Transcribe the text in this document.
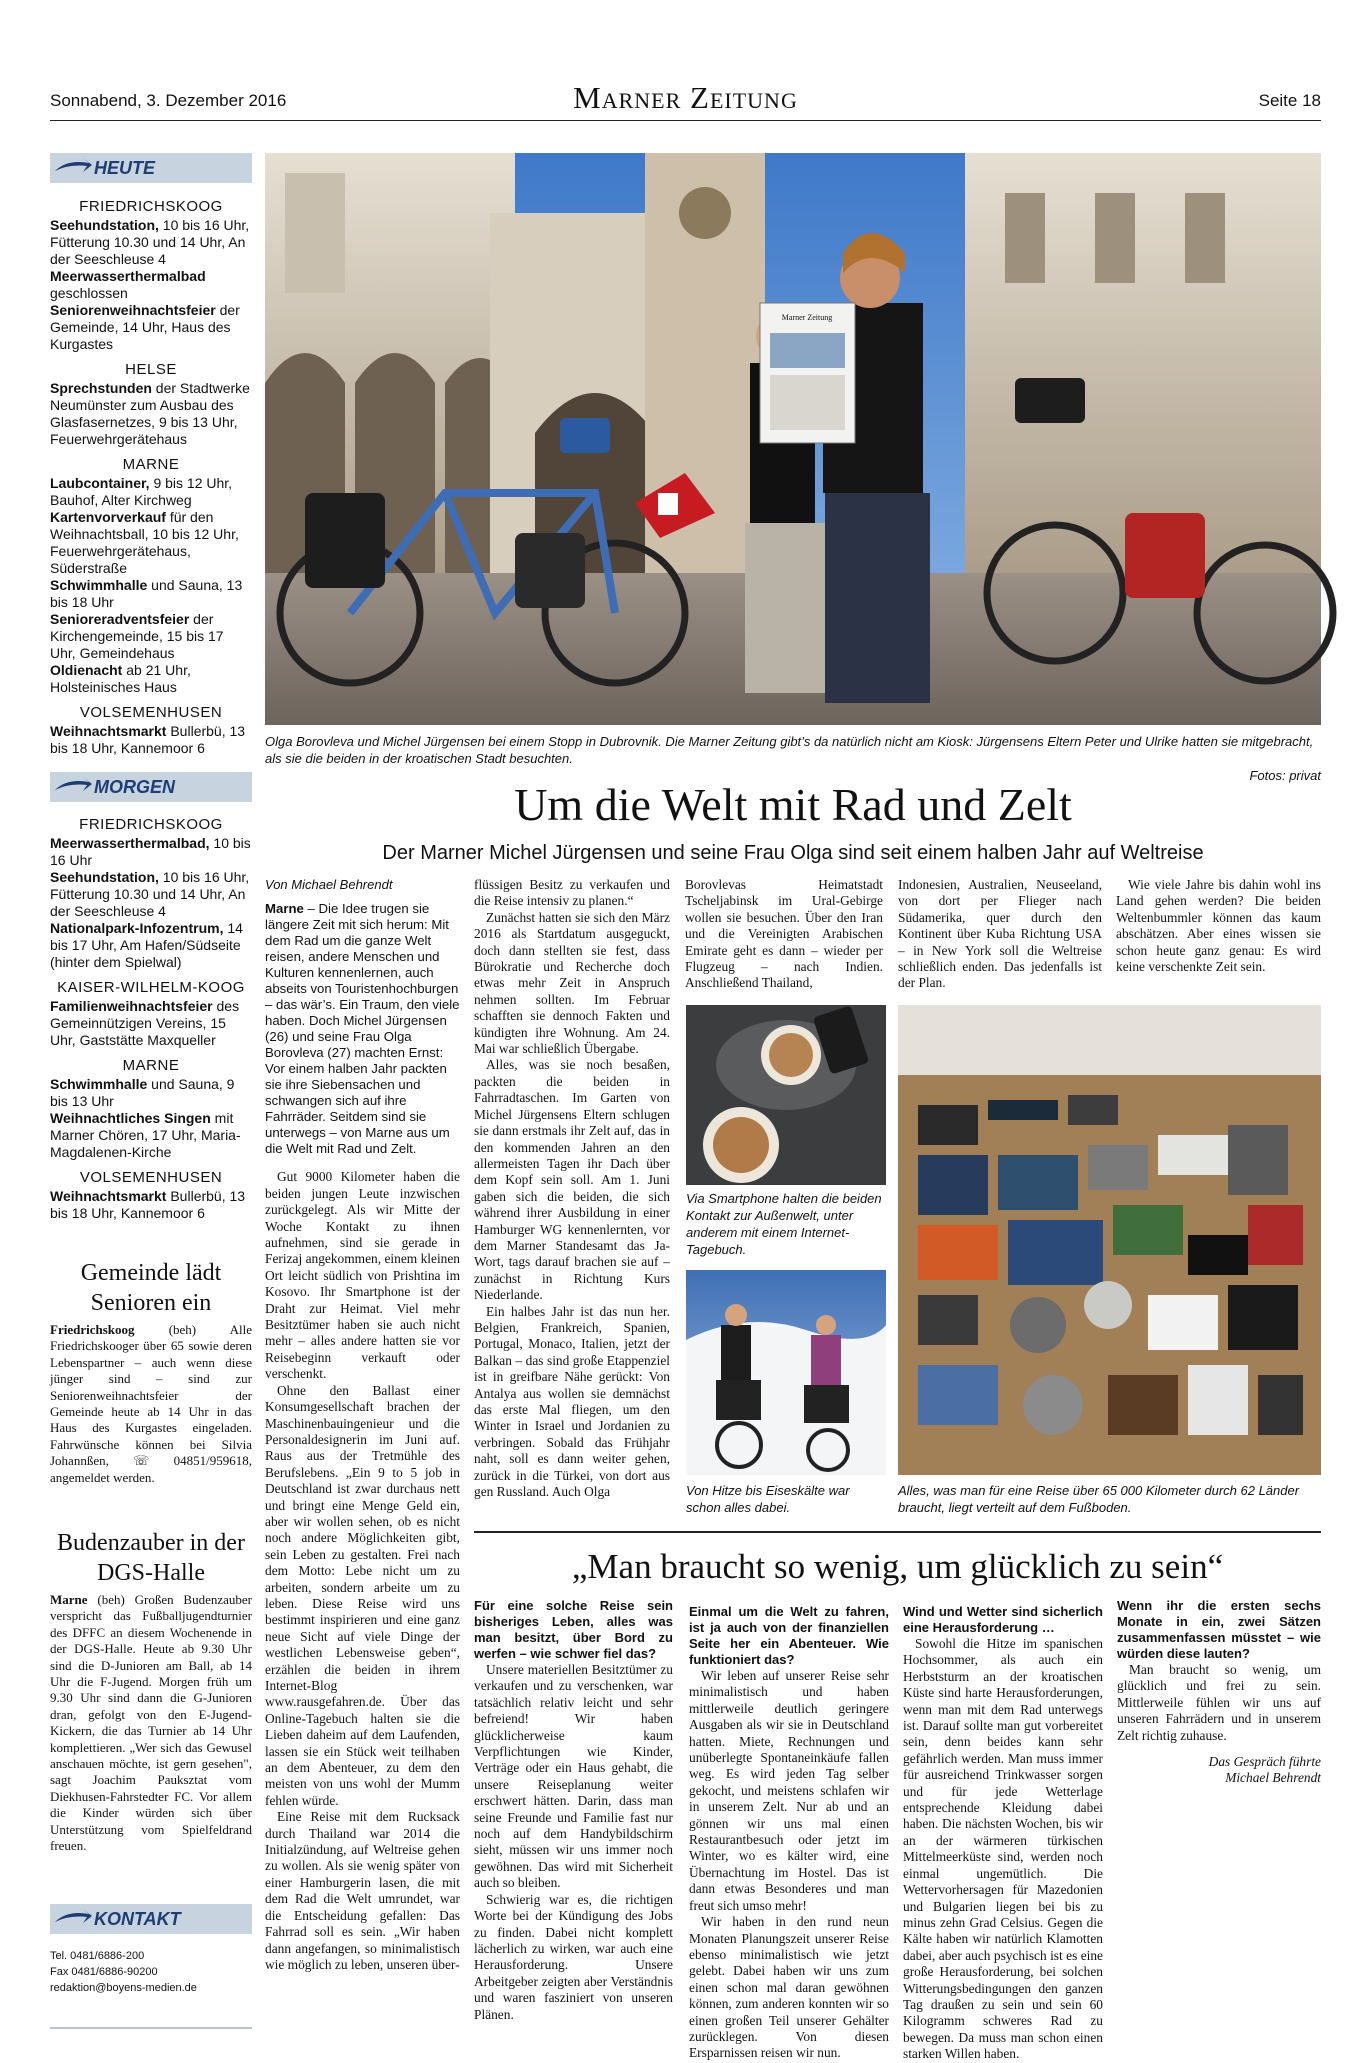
Sonnabend, 3. Dezember 2016	Marner Zeitung	Seite 18
HEUTE
FRIEDRICHSKOOG

Seehundstation, 10 bis 16 Uhr, Fütterung 10.30 und 14 Uhr, An der Seeschleuse 4

Meerwasserthermalbad geschlossen

Seniorenweihnachtsfeier der Gemeinde, 14 Uhr, Haus des Kurgastes

HELSE

Sprechstunden der Stadtwerke Neumünster zum Ausbau des Glasfasernetzes, 9 bis 13 Uhr, Feuerwehrgerätehaus

MARNE

Laubcontainer, 9 bis 12 Uhr, Bauhof, Alter Kirchweg

Kartenvorverkauf für den Weihnachtsball, 10 bis 12 Uhr, Feuerwehrgerätehaus, Süderstraße

Schwimmhalle und Sauna, 13 bis 18 Uhr

Senioreradventsfeier der Kirchengemeinde, 15 bis 17 Uhr, Gemeindehaus

Oldienacht ab 21 Uhr, Holsteinisches Haus

VOLSEMENHUSEN

Weihnachtsmarkt Bullerbü, 13 bis 18 Uhr, Kannemoor 6

MORGEN
FRIEDRICHSKOOG

Meerwasserthermalbad, 10 bis 16 Uhr

Seehundstation, 10 bis 16 Uhr, Fütterung 10.30 und 14 Uhr, An der Seeschleuse 4

Nationalpark-Infozentrum, 14 bis 17 Uhr, Am Hafen/Südseite (hinter dem Spielwal)

KAISER-WILHELM-KOOG

Familienweihnachtsfeier des Gemeinnützigen Vereins, 15 Uhr, Gaststätte Maxqueller

MARNE

Schwimmhalle und Sauna, 9 bis 13 Uhr

Weihnachtliches Singen mit Marner Chören, 17 Uhr, Maria-Magdalenen-Kirche

VOLSEMENHUSEN

Weihnachtsmarkt Bullerbü, 13 bis 18 Uhr, Kannemoor 6

Gemeinde lädt Senioren ein
Friedrichskoog (beh) Alle Friedrichskooger über 65 sowie deren Lebenspartner – auch wenn diese jünger sind – sind zur Seniorenweihnachtsfeier der Gemeinde heute ab 14 Uhr in das Haus des Kurgastes eingeladen. Fahrwünsche können bei Silvia Johannßen, ☏ 04851/959618, angemeldet werden.
Budenzauber in der DGS-Halle
Marne (beh) Großen Budenzauber verspricht das Fußballjugendturnier des DFFC an diesem Wochenende in der DGS-Halle. Heute ab 9.30 Uhr sind die D-Junioren am Ball, ab 14 Uhr die F-Jugend. Morgen früh um 9.30 Uhr sind dann die G-Junioren dran, gefolgt von den E-Jugend-Kickern, die das Turnier ab 14 Uhr komplettieren. „Wer sich das Gewusel anschauen möchte, ist gern gesehen", sagt Joachim Pauksztat vom Diekhusen-Fahrstedter FC. Vor allem die Kinder würden sich über Unterstützung vom Spielfeldrand freuen.
KONTAKT
Tel. 0481/6886-200
Fax 0481/6886-90200
redaktion@boyens-medien.de
Marner Zeitung
Olga Borovleva und Michel Jürgensen bei einem Stopp in Dubrovnik. Die Marner Zeitung gibt’s da natürlich nicht am Kiosk: Jürgensens Eltern Peter und Ulrike hatten sie mitgebracht, als sie die beiden in der kroatischen Stadt besuchten.
Fotos: privat
Um die Welt mit Rad und Zelt
Der Marner Michel Jürgensen und seine Frau Olga sind seit einem halben Jahr auf Weltreise

Von Michael Behrendt

Marne – Die Idee trugen sie längere Zeit mit sich herum: Mit dem Rad um die ganze Welt reisen, andere Menschen und Kulturen kennenlernen, auch abseits von Touristenhochburgen – das wär’s. Ein Traum, den viele haben. Doch Michel Jürgensen (26) und seine Frau Olga Borovleva (27) machten Ernst: Vor einem halben Jahr packten sie ihre Siebensachen und schwangen sich auf ihre Fahrräder. Seitdem sind sie unterwegs – von Marne aus um die Welt mit Rad und Zelt.

Gut 9000 Kilometer haben die beiden jungen Leute inzwischen zurückgelegt. Als wir Mitte der Woche Kontakt zu ihnen aufnehmen, sind sie gerade in Ferizaj angekommen, einem kleinen Ort leicht südlich von Prishtina im Kosovo. Ihr Smartphone ist der Draht zur Heimat. Viel mehr Besitztümer haben sie auch nicht mehr – alles andere hatten sie vor Reisebeginn verkauft oder verschenkt.

Ohne den Ballast einer Konsumgesellschaft brachen der Maschinenbauingenieur und die Personaldesignerin im Juni auf. Raus aus der Tretmühle des Berufslebens. „Ein 9 to 5 job in Deutschland ist zwar durchaus nett und bringt eine Menge Geld ein, aber wir wollen sehen, ob es nicht noch andere Möglichkeiten gibt, sein Leben zu gestalten. Frei nach dem Motto: Lebe nicht um zu arbeiten, sondern arbeite um zu leben. Diese Reise wird uns bestimmt inspirieren und eine ganz neue Sicht auf viele Dinge der westlichen Lebensweise geben“, erzählen die beiden in ihrem Internet-Blog www.rausgefahren.de. Über das Online-Tagebuch halten sie die Lieben daheim auf dem Laufenden, lassen sie ein Stück weit teilhaben an dem Abenteuer, zu dem den meisten von uns wohl der Mumm fehlen würde.

Eine Reise mit dem Rucksack durch Thailand war 2014 die Initialzündung, auf Weltreise gehen zu wollen. Als sie wenig später von einer Hamburgerin lasen, die mit dem Rad die Welt umrundet, war die Entscheidung gefallen: Das Fahrrad soll es sein. „Wir haben dann angefangen, so minimalistisch wie möglich zu leben, unseren über-

flüssigen Besitz zu verkaufen und die Reise intensiv zu planen.“

Zunächst hatten sie sich den März 2016 als Startdatum ausgeguckt, doch dann stellten sie fest, dass Bürokratie und Recherche doch etwas mehr Zeit in Anspruch nehmen sollten. Im Februar schafften sie dennoch Fakten und kündigten ihre Wohnung. Am 24. Mai war schließlich Übergabe.

Alles, was sie noch besaßen, packten die beiden in Fahrradtaschen. Im Garten von Michel Jürgensens Eltern schlugen sie dann erstmals ihr Zelt auf, das in den kommenden Jahren an den allermeisten Tagen ihr Dach über dem Kopf sein soll. Am 1. Juni gaben sich die beiden, die sich während ihrer Ausbildung in einer Hamburger WG kennenlernten, vor dem Marner Standesamt das Ja-Wort, tags darauf brachen sie auf – zunächst in Richtung Kurs Niederlande.

Ein halbes Jahr ist das nun her. Belgien, Frankreich, Spanien, Portugal, Monaco, Italien, jetzt der Balkan – das sind große Etappenziel ist in greifbare Nähe gerückt: Von Antalya aus wollen sie demnächst das erste Mal fliegen, um den Winter in Israel und Jordanien zu verbringen. Sobald das Frühjahr naht, soll es dann weiter gehen, zurück in die Türkei, von dort aus gen Russland. Auch Olga

Borovlevas Heimatstadt Tscheljabinsk im Ural-Gebirge wollen sie besuchen. Über den Iran und die Vereinigten Arabischen Emirate geht es dann – wieder per Flugzeug – nach Indien. Anschließend Thailand,

Indonesien, Australien, Neuseeland, von dort per Flieger nach Südamerika, quer durch den Kontinent über Kuba Richtung USA – in New York soll die Weltreise schließlich enden. Das jedenfalls ist der Plan.

Wie viele Jahre bis dahin wohl ins Land gehen werden? Die beiden Weltenbummler können das kaum abschätzen. Aber eines wissen sie schon heute ganz genau: Es wird keine verschenkte Zeit sein.

Via Smartphone halten die beiden Kontakt zur Außenwelt, unter anderem mit einem Internet-Tagebuch.
Von Hitze bis Eiseskälte war schon alles dabei.
Alles, was man für eine Reise über 65 000 Kilometer durch 62 Länder braucht, liegt verteilt auf dem Fußboden.
„Man braucht so wenig, um glücklich zu sein“

Für eine solche Reise sein bisheriges Leben, alles was man besitzt, über Bord zu werfen – wie schwer fiel das?

Unsere materiellen Besitztümer zu verkaufen und zu verschenken, war tatsächlich relativ leicht und sehr befreiend! Wir haben glücklicherweise kaum Verpflichtungen wie Kinder, Verträge oder ein Haus gehabt, die unsere Reiseplanung weiter erschwert hätten. Darin, dass man seine Freunde und Familie fast nur noch auf dem Handybildschirm sieht, müssen wir uns immer noch gewöhnen. Das wird mit Sicherheit auch so bleiben.

Schwierig war es, die richtigen Worte bei der Kündigung des Jobs zu finden. Dabei nicht komplett lächerlich zu wirken, war auch eine Herausforderung. Unsere Arbeitgeber zeigten aber Verständnis und waren fasziniert von unseren Plänen.

Einmal um die Welt zu fahren, ist ja auch von der finanziellen Seite her ein Abenteuer. Wie funktioniert das?

Wir leben auf unserer Reise sehr minimalistisch und haben mittlerweile deutlich geringere Ausgaben als wir sie in Deutschland hatten. Miete, Rechnungen und unüberlegte Spontaneinkäufe fallen weg. Es wird jeden Tag selber gekocht, und meistens schlafen wir in unserem Zelt. Nur ab und an gönnen wir uns mal einen Restaurantbesuch oder jetzt im Winter, wo es kälter wird, eine Übernachtung im Hostel. Das ist dann etwas Besonderes und man freut sich umso mehr!

Wir haben in den rund neun Monaten Planungszeit unserer Reise ebenso minimalistisch wie jetzt gelebt. Dabei haben wir uns zum einen schon mal daran gewöhnen können, zum anderen konnten wir so einen großen Teil unserer Gehälter zurücklegen. Von diesen Ersparnissen reisen wir nun.

Wind und Wetter sind sicherlich eine Herausforderung …

Sowohl die Hitze im spanischen Hochsommer, als auch ein Herbststurm an der kroatischen Küste sind harte Herausforderungen, wenn man mit dem Rad unterwegs ist. Darauf sollte man gut vorbereitet sein, denn beides kann sehr gefährlich werden. Man muss immer für ausreichend Trinkwasser sorgen und für jede Wetterlage entsprechende Kleidung dabei haben. Die nächsten Wochen, bis wir an der wärmeren türkischen Mittelmeerküste sind, werden noch einmal ungemütlich. Die Wettervorhersagen für Mazedonien und Bulgarien liegen bei bis zu minus zehn Grad Celsius. Gegen die Kälte haben wir natürlich Klamotten dabei, aber auch psychisch ist es eine große Herausforderung, bei solchen Witterungsbedingungen den ganzen Tag draußen zu sein und sein 60 Kilogramm schweres Rad zu bewegen. Da muss man schon einen starken Willen haben.

Wenn ihr die ersten sechs Monate in ein, zwei Sätzen zusammenfassen müsstet – wie würden diese lauten?

Man braucht so wenig, um glücklich und frei zu sein. Mittlerweile fühlen wir uns auf unseren Fahrrädern und in unserem Zelt richtig zuhause.

Das Gespräch führte
Michael Behrendt
